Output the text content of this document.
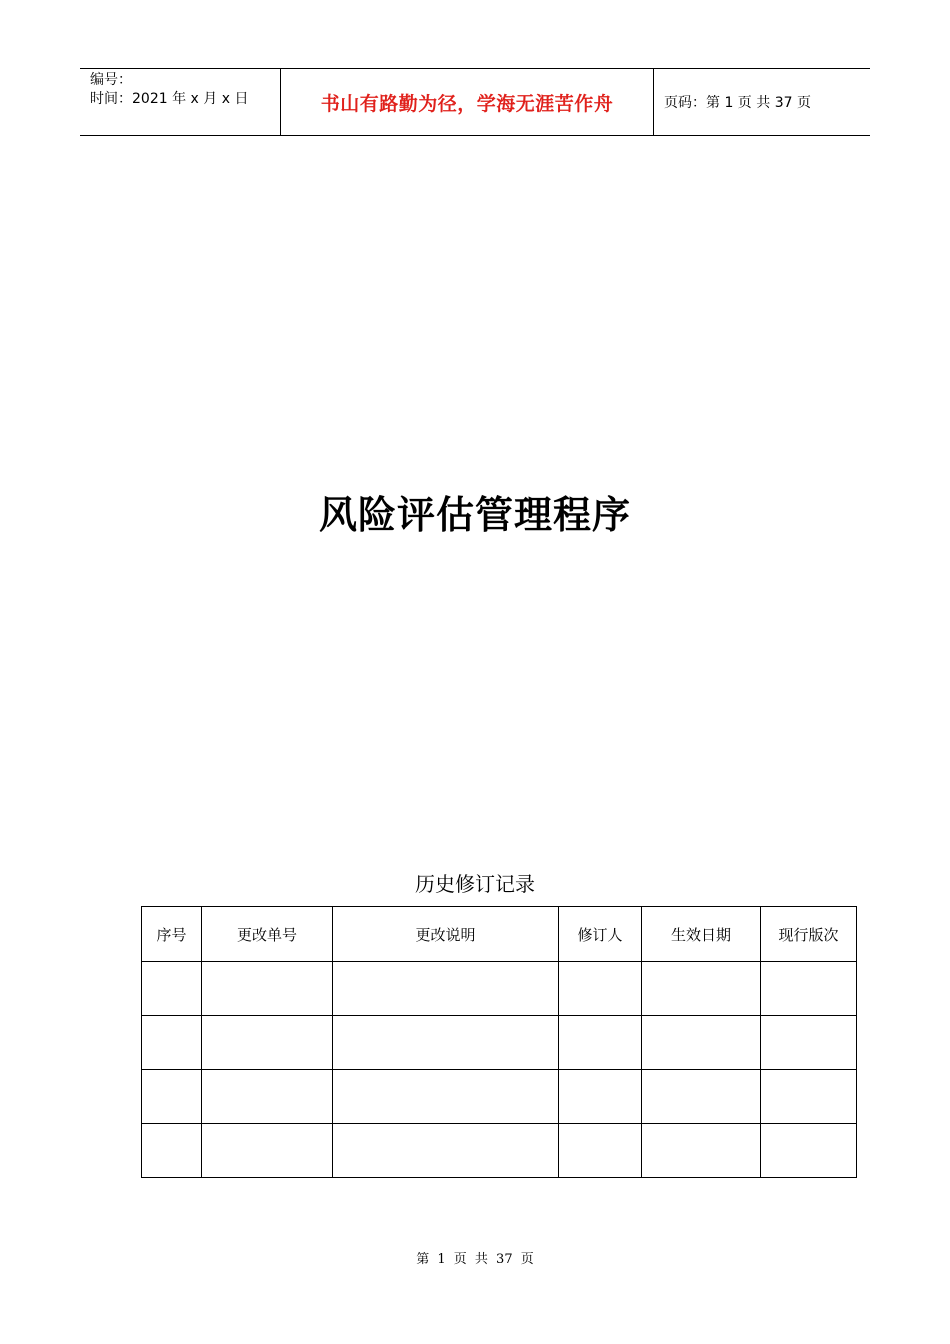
编号：
时间：2021 年 x 月 x 日	书山有路勤为径，学海无涯苦作舟	页码：第 1 页 共 37 页
风险评估管理程序
历史修订记录
序号	更改单号	更改说明	修订人	生效日期	现行版次

第 1 页 共 37 页
